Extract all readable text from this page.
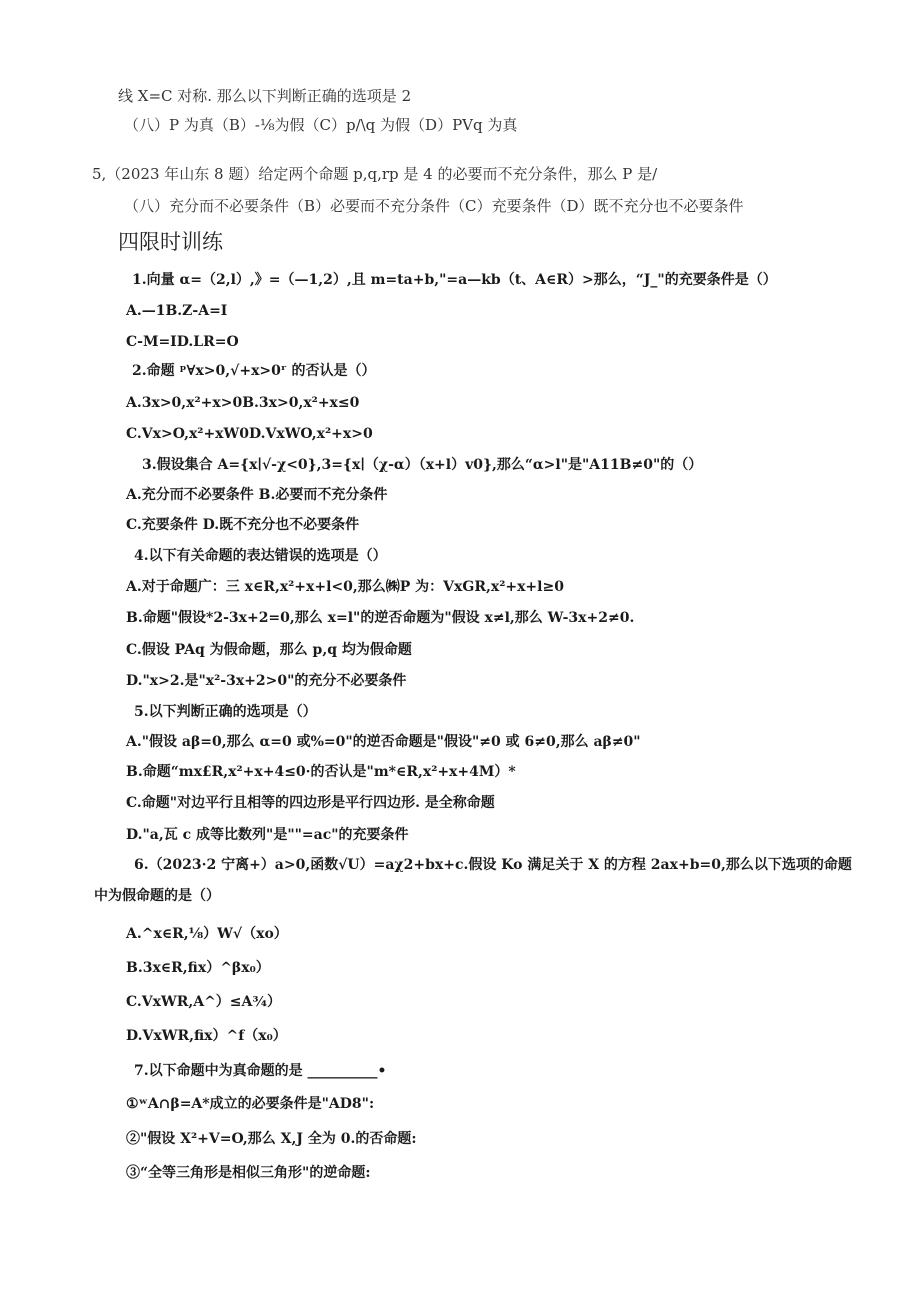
线 X=C 对称. 那么以下判断正确的选项是 2
（八）P 为真（B）-⅛为假（C）p∕\q 为假（D）PVq 为真
5,（2023 年山东 8 题）给定两个命题 p,q,rp 是 4 的必要而不充分条件，那么 P 是/
（八）充分而不必要条件（B）必要而不充分条件（C）充要条件（D）既不充分也不必要条件
四限时训练
1.向量 α=（2,l）,》=（—1,2）,且 m=ta+b,"=a—kb（t、A∈R）>那么，“J_"的充要条件是（）
A.—1B.Z-A=I
C-M=ID.LR=O
2.命题 ᵖ∀x>0,√+x>0ʳ 的否认是（）
A.3x>0,x²+x>0B.3x>0,x²+x≤0
C.Vx>O,x²+xW0D.VxWO,x²+x>0
3.假设集合 A={x∣√-χ<0},3={x∣（χ-α）（x+l）v0},那么“α>l"是"A11B≠0"的（）
A.充分而不必要条件 B.必要而不充分条件
C.充要条件 D.既不充分也不必要条件
4.以下有关命题的表达错误的选项是（）
A.对于命题广：三 x∈R,x²+x+l<0,那么㈱P 为：VxGR,x²+x+l≥0
B.命题"假设*2-3x+2=0,那么 x=l"的逆否命题为"假设 x≠l,那么 W-3x+2≠0.
C.假设 PAq 为假命题，那么 p,q 均为假命题
D."x>2.是"x²-3x+2>0"的充分不必要条件
5.以下判断正确的选项是（）
A."假设 aβ=0,那么 α=0 或%=0"的逆否命题是"假设"≠0 或 6≠0,那么 aβ≠0"
B.命题“mx£R,x²+x+4≤0·的否认是"m*∈R,x²+x+4M）*
C.命题"对边平行且相等的四边形是平行四边形. 是全称命题
D."a,瓦 c 成等比数列"是""=ac"的充要条件
6.（2023·2 宁离+）a>0,函数√U）=aχ2+bx+c.假设 Ko 满足关于 X 的方程 2ax+b=0,那么以下选项的命题
中为假命题的是（）
A.^x∈R,⅛）W√（xo）
B.3x∈R,fix）^βx₀）
C.VxWR,A^）≤A¾）
D.VxWR,fix）^f（x₀）
7.以下命题中为真命题的是 __________•
①ʷA∩β=A*成立的必要条件是"AD8":
②"假设 X²+V=O,那么 X,J 全为 0.的否命题:
③“全等三角形是相似三角形"的逆命题:
